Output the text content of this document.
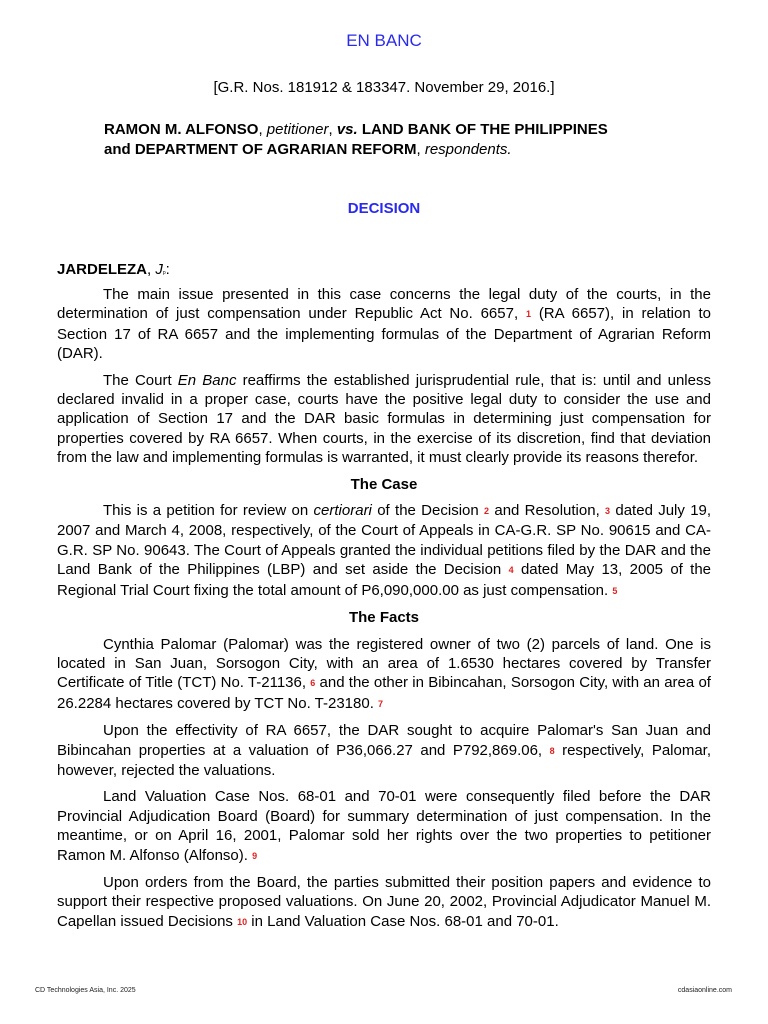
EN BANC
[G.R. Nos. 181912 & 183347. November 29, 2016.]
RAMON M. ALFONSO, petitioner, vs. LAND BANK OF THE PHILIPPINES
and DEPARTMENT OF AGRARIAN REFORM, respondents.
DECISION
JARDELEZA, Jp:

The main issue presented in this case concerns the legal duty of the courts, in the determination of just compensation under Republic Act No. 6657, 1 (RA 6657), in relation to Section 17 of RA 6657 and the implementing formulas of the Department of Agrarian Reform (DAR).

The Court En Banc reaffirms the established jurisprudential rule, that is: until and unless declared invalid in a proper case, courts have the positive legal duty to consider the use and application of Section 17 and the DAR basic formulas in determining just compensation for properties covered by RA 6657. When courts, in the exercise of its discretion, find that deviation from the law and implementing formulas is warranted, it must clearly provide its reasons therefor.

The Case

This is a petition for review on certiorari of the Decision 2 and Resolution, 3 dated July 19, 2007 and March 4, 2008, respectively, of the Court of Appeals in CA-G.R. SP No. 90615 and CA-G.R. SP No. 90643. The Court of Appeals granted the individual petitions filed by the DAR and the Land Bank of the Philippines (LBP) and set aside the Decision 4 dated May 13, 2005 of the Regional Trial Court fixing the total amount of P6,090,000.00 as just compensation. 5

The Facts

Cynthia Palomar (Palomar) was the registered owner of two (2) parcels of land. One is located in San Juan, Sorsogon City, with an area of 1.6530 hectares covered by Transfer Certificate of Title (TCT) No. T-21136, 6 and the other in Bibincahan, Sorsogon City, with an area of 26.2284 hectares covered by TCT No. T-23180. 7

Upon the effectivity of RA 6657, the DAR sought to acquire Palomar's San Juan and Bibincahan properties at a valuation of P36,066.27 and P792,869.06, 8 respectively, Palomar, however, rejected the valuations.

Land Valuation Case Nos. 68-01 and 70-01 were consequently filed before the DAR Provincial Adjudication Board (Board) for summary determination of just compensation. In the meantime, or on April 16, 2001, Palomar sold her rights over the two properties to petitioner Ramon M. Alfonso (Alfonso). 9

Upon orders from the Board, the parties submitted their position papers and evidence to support their respective proposed valuations. On June 20, 2002, Provincial Adjudicator Manuel M. Capellan issued Decisions 10 in Land Valuation Case Nos. 68-01 and 70-01.

CD Technologies Asia, Inc. 2025	cdasiaonline.com
